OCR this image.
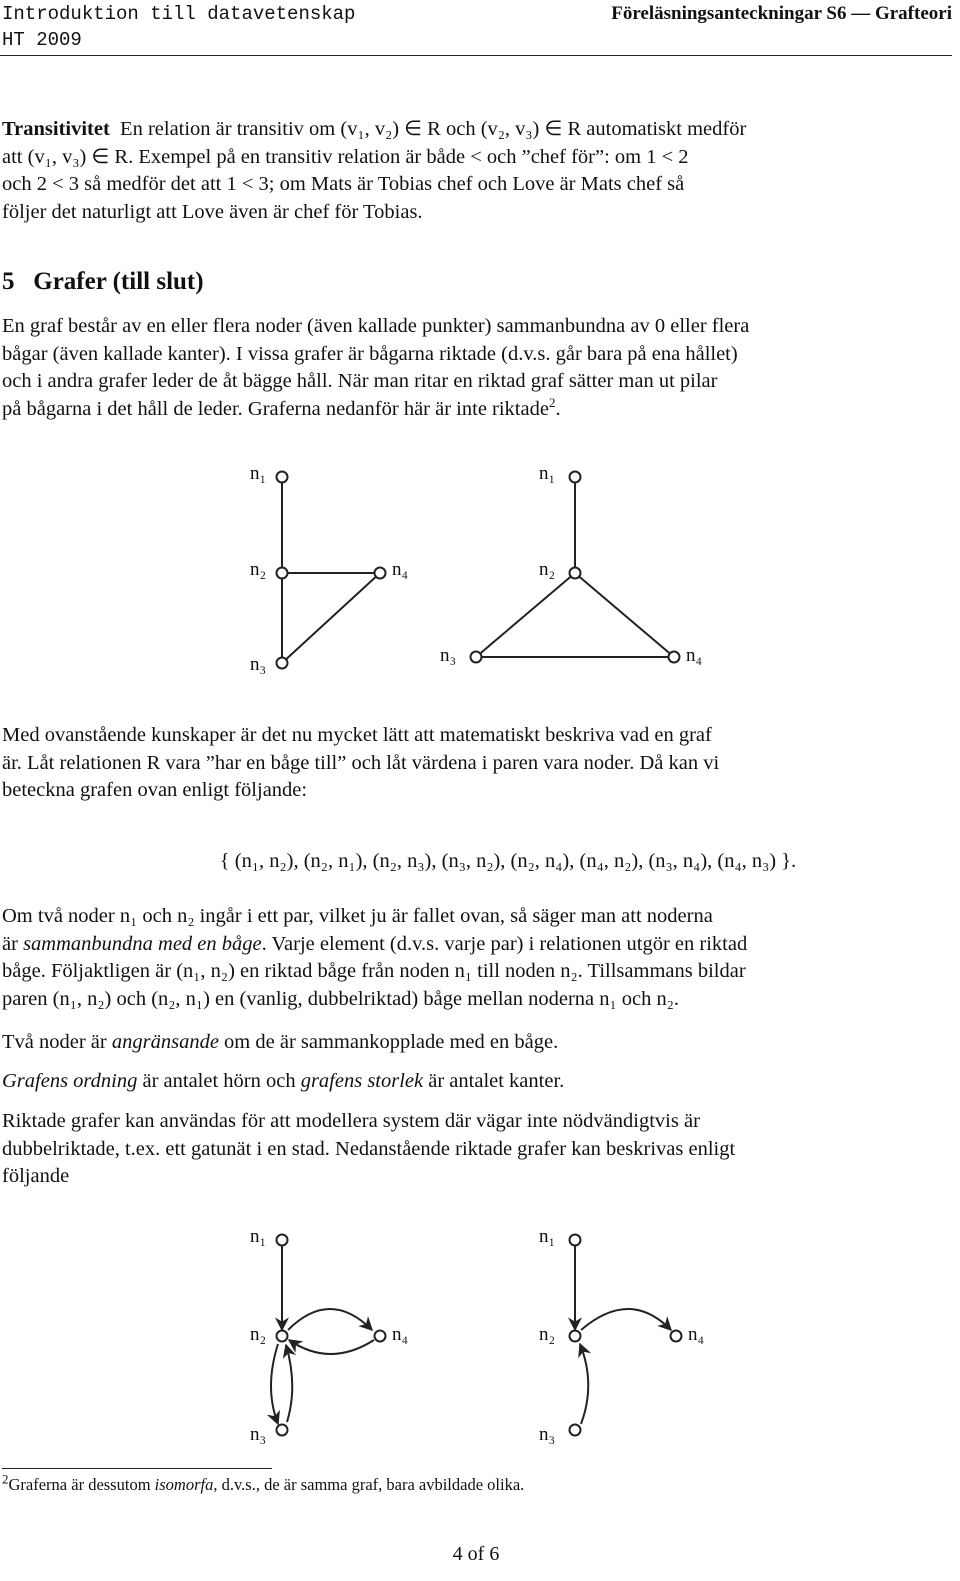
Introduktion till datavetenskap
HT 2009
Föreläsningsanteckningar S6 — Grafteori
Transitivitet En relation är transitiv om (v₁, v₂) ∈ R och (v₂, v₃) ∈ R automatiskt medför
att (v₁, v₃) ∈ R. Exempel på en transitiv relation är både < och ”chef för”: om 1 < 2
och 2 < 3 så medför det att 1 < 3; om Mats är Tobias chef och Love är Mats chef så
följer det naturligt att Love även är chef för Tobias.
5 Grafer (till slut)
En graf består av en eller flera noder (även kallade punkter) sammanbundna av 0 eller flera
bågar (även kallade kanter). I vissa grafer är bågarna riktade (d.v.s. går bara på ena hållet)
och i andra grafer leder de åt bägge håll. När man ritar en riktad graf sätter man ut pilar
på bågarna i det håll de leder. Graferna nedanför här är inte riktade$^2$.
n₁
n₂	n₄
n₃
n₁
n₂
n₃	n₄
Med ovanstående kunskaper är det nu mycket lätt att matematiskt beskriva vad en graf
är. Låt relationen R vara ”har en båge till” och låt värdena i paren vara noder. Då kan vi
beteckna grafen ovan enligt följande:
{ (n₁, n₂), (n₂, n₁), (n₂, n₃), (n₃, n₂), (n₂, n₄), (n₄, n₂), (n₃, n₄), (n₄, n₃) }.
Om två noder n₁ och n₂ ingår i ett par, vilket ju är fallet ovan, så säger man att noderna
är sammanbundna med en båge. Varje element (d.v.s. varje par) i relationen utgör en riktad
båge. Följaktligen är (n₁, n₂) en riktad båge från noden n₁ till noden n₂. Tillsammans bildar
paren (n₁, n₂) och (n₂, n₁) en (vanlig, dubbelriktad) båge mellan noderna n₁ och n₂.
Två noder är angränsande om de är sammankopplade med en båge.
Grafens ordning är antalet hörn och grafens storlek är antalet kanter.
Riktade grafer kan användas för att modellera system där vägar inte nödvändigtvis är
dubbelriktade, t.ex. ett gatunät i en stad. Nedanstående riktade grafer kan beskrivas enligt
följande
n₁
n₂	n₄
n₃
n₁
n₂	n₄
n₃
$^2$Graferna är dessutom isomorfa, d.v.s., de är samma graf, bara avbildade olika.
4 of 6
